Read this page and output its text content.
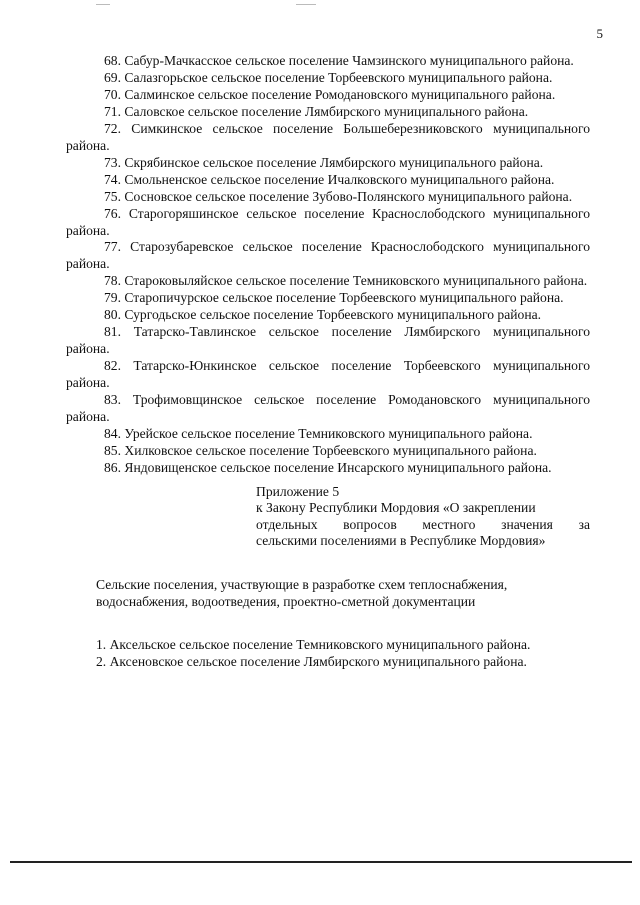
5

68. Сабур-Мачкасское сельское поселение Чамзинского муниципального района.

69. Салазгорьское сельское поселение Торбеевского муниципального района.

70. Салминское сельское поселение Ромодановского муниципального района.

71. Саловское сельское поселение Лямбирского муниципального района.

72. Симкинское сельское поселение Большеберезниковского муниципального района.

73. Скрябинское сельское поселение Лямбирского муниципального района.

74. Смольненское сельское поселение Ичалковского муниципального района.

75. Сосновское сельское поселение Зубово-Полянского муниципального района.

76. Старогоряшинское сельское поселение Краснослободского муниципального района.

77. Старозубаревское сельское поселение Краснослободского муниципального района.

78. Староковыляйское сельское поселение Темниковского муниципального района.

79. Старопичурское сельское поселение Торбеевского муниципального района.

80. Сургодьское сельское поселение Торбеевского муниципального района.

81. Татарско-Тавлинское сельское поселение Лямбирского муниципального района.

82. Татарско-Юнкинское сельское поселение Торбеевского муниципального района.

83. Трофимовщинское сельское поселение Ромодановского муниципального района.

84. Урейское сельское поселение Темниковского муниципального района.

85. Хилковское сельское поселение Торбеевского муниципального района.

86. Яндовищенское сельское поселение Инсарского муниципального района.

Приложение 5
к Закону Республики Мордовия «О закреплении
отдельных вопросов местного значения за
сельскими поселениями в Республике Мордовия»
Сельские поселения, участвующие в разработке схем теплоснабжения, водоснабжения, водоотведения, проектно-сметной документации

1. Аксельское сельское поселение Темниковского муниципального района.

2. Аксеновское сельское поселение Лямбирского муниципального района.
